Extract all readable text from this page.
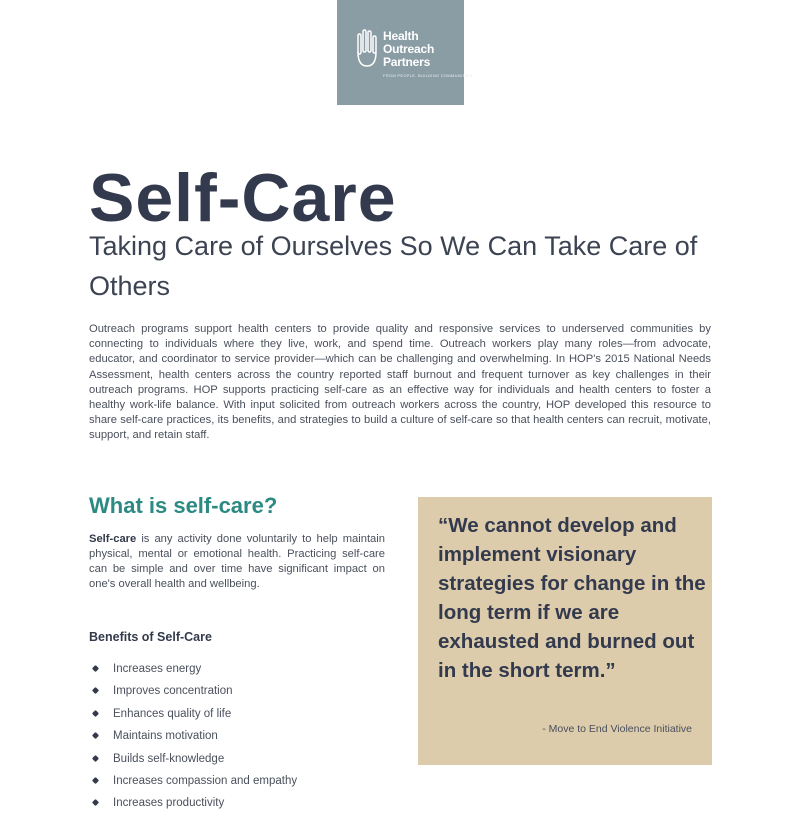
Health
Outreach
Partners
FROM PEOPLE. BUILDING COMMUNITIES.
Self-Care
Taking Care of Ourselves So We Can Take Care of Others

Outreach programs support health centers to provide quality and responsive services to underserved communities by connecting to individuals where they live, work, and spend time. Outreach workers play many roles—from advocate, educator, and coordinator to service provider—which can be challenging and overwhelming. In HOP's 2015 National Needs Assessment, health centers across the country reported staff burnout and frequent turnover as key challenges in their outreach programs. HOP supports practicing self-care as an effective way for individuals and health centers to foster a healthy work-life balance. With input solicited from outreach workers across the country, HOP developed this resource to share self-care practices, its benefits, and strategies to build a culture of self-care so that health centers can recruit, motivate, support, and retain staff.

What is self-care?

Self-care is any activity done voluntarily to help maintain physical, mental or emotional health. Practicing self-care can be simple and over time have significant impact on one's overall health and wellbeing.

Benefits of Self-Care
Increases energy
Improves concentration
Enhances quality of life
Maintains motivation
Builds self-knowledge
Increases compassion and empathy
Increases productivity

“We cannot develop and implement visionary strategies for change in the long term if we are exhausted and burned out in the short term.”

- Move to End Violence Initiative
